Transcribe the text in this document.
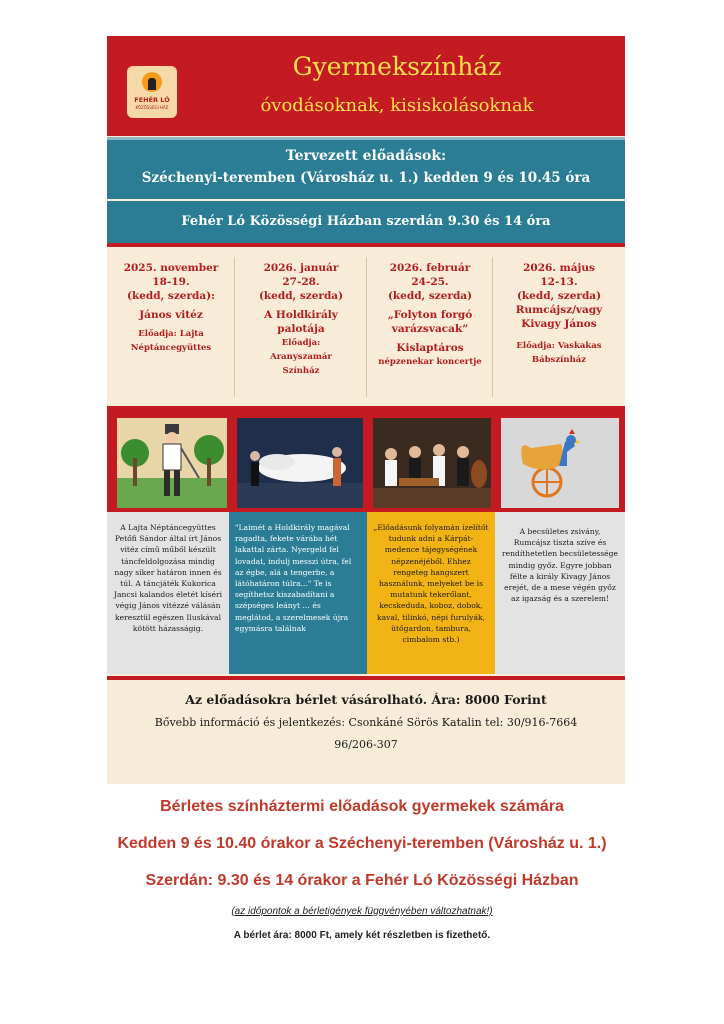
FEHÉR LÓ
KÖZÖSSÉGI HÁZ
Gyermekszínház
óvodásoknak, kisiskolásoknak
Tervezett előadások:
Széchenyi-teremben (Városház u. 1.) kedden 9 és 10.45 óra
Fehér Ló Közösségi Házban szerdán 9.30 és 14 óra
2025. november
18-19.
(kedd, szerda):
János vitéz
Előadja: Lajta
Néptáncegyüttes
2026. január
27-28.
(kedd, szerda)
A Holdkirály
palotája
Előadja:
Aranyszamár
Színház
2026. február
24-25.
(kedd, szerda)
„Folyton forgó
varázsvacak”
Kislaptáros
népzenekar koncertje
2026. május
12-13.
(kedd, szerda)
Rumcájsz/vagy
Kivagy János
Előadja: Vaskakas
Bábszínház
A Lajta Néptáncegyüttes Petőfi Sándor által írt János vitéz című műből készült táncfeldolgozása mindig nagy siker határon innen és túl. A táncjáték Kukorica Jancsi kalandos életét kíséri végig János vitézzé válásán keresztül egészen Iluskával kötött házasságig.
"Laimét a Holdkirály magával ragadta, fekete várába hét lakattal zárta. Nyergeld fel lovadat, indulj messzi útra, fel az égbe, alá a tengerbe, a látóhatáron túlra..." Te is segíthetsz kiszabadítani a szépséges leányt … és meglátod, a szerelmesek újra egymásra találnak
„Előadásunk folyamán ízelítőt tudunk adni a Kárpát-medence tájegységének népzenéjéből. Ehhez rengeteg hangszert használunk, melyeket be is mutatunk tekerőlant, kecskeduda, koboz, dobok, kaval, tilinkó, népi furulyák, ütőgardon, tambura, cimbalom stb.)
A becsületes zsivány, Rumcájsz tiszta szíve és rendíthetetlen becsületessége mindig győz. Egyre jobban félte a király Kivagy János erejét, de a mese végén győz az igazság és a szerelem!
Az előadásokra bérlet vásárolható. Ára: 8000 Forint
Bővebb információ és jelentkezés: Csonkáné Sörös Katalin tel: 30/916-7664
96/206-307
Bérletes színháztermi előadások gyermekek számára
Kedden 9 és 10.40 órakor a Széchenyi-teremben (Városház u. 1.)
Szerdán: 9.30 és 14 órakor a Fehér Ló Közösségi Házban
(az időpontok a bérletigények függvényében változhatnak!)
A bérlet ára: 8000 Ft, amely két részletben is fizethető.
